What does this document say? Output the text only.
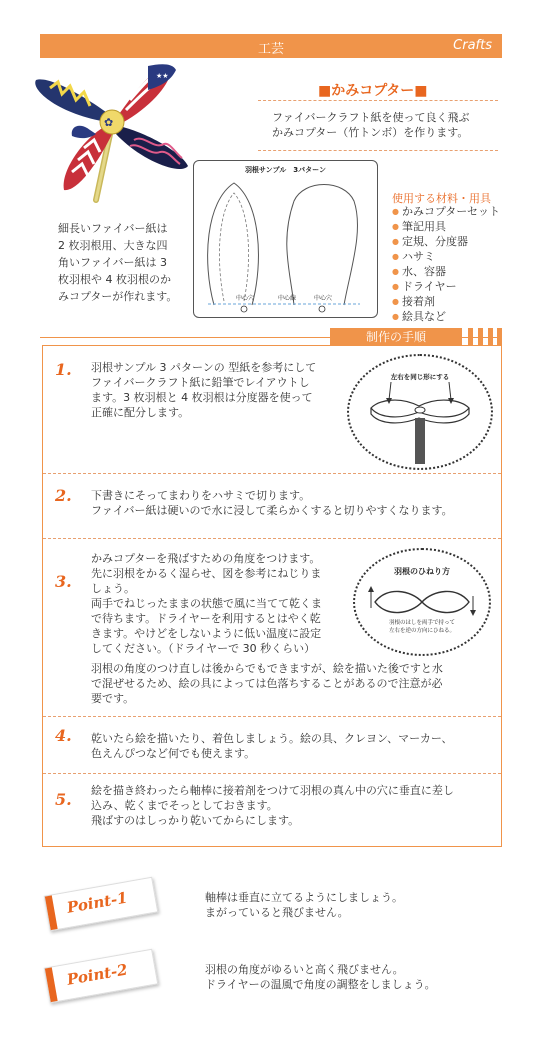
工芸	Crafts
★★
✿
■かみコプター■
ファイバークラフト紙を使って良く飛ぶ
かみコプター（竹トンボ）を作ります。
羽根サンプル　3パターン
中心穴	中心線	中心穴
使用する材料・用具
● かみコプターセット
● 筆記用具
● 定規、分度器
● ハサミ
● 水、容器
● ドライヤー
● 接着剤
● 絵具など
細長いファイバー紙は
2 枚羽根用、大きな四
角いファイバー紙は 3
枚羽根や 4 枚羽根のか
みコプターが作れます。
制作の手順
1. 羽根サンプル 3 パターンの 型紙を参考にして
ファイバークラフト紙に鉛筆でレイアウトし
ます。3 枚羽根と 4 枚羽根は分度器を使って
正確に配分します。
左右を同じ形にする
2. 下書きにそってまわりをハサミで切ります。
ファイバー紙は硬いので水に浸して柔らかくすると切りやすくなります。
3.
かみコプターを飛ばすための角度をつけます。
先に羽根をかるく湿らせ、図を参考にねじりま
しょう。
両手でねじったままの状態で風に当てて乾くま
で待ちます。ドライヤーを利用するとはやく乾
きます。やけどをしないように低い温度に設定
してください。（ドライヤーで 30 秒くらい）
羽根の角度のつけ直しは後からでもできますが、絵を描いた後ですと水
で混ぜせるため、絵の具によっては色落ちすることがあるので注意が必
要です。
羽根のひねり方
羽根のはしを両手で持って
左右を逆の方向にひねる。
4. 乾いたら絵を描いたり、着色しましょう。絵の具、クレヨン、マーカー、
色えんぴつなど何でも使えます。
5. 絵を描き終わったら軸棒に接着剤をつけて羽根の真ん中の穴に垂直に差し
込み、乾くまでそっとしておきます。
飛ばすのはしっかり乾いてからにします。
Point-1	軸棒は垂直に立てるようにしましょう。
まがっていると飛びません。
Point-2	羽根の角度がゆるいと高く飛びません。
ドライヤーの温風で角度の調整をしましょう。
